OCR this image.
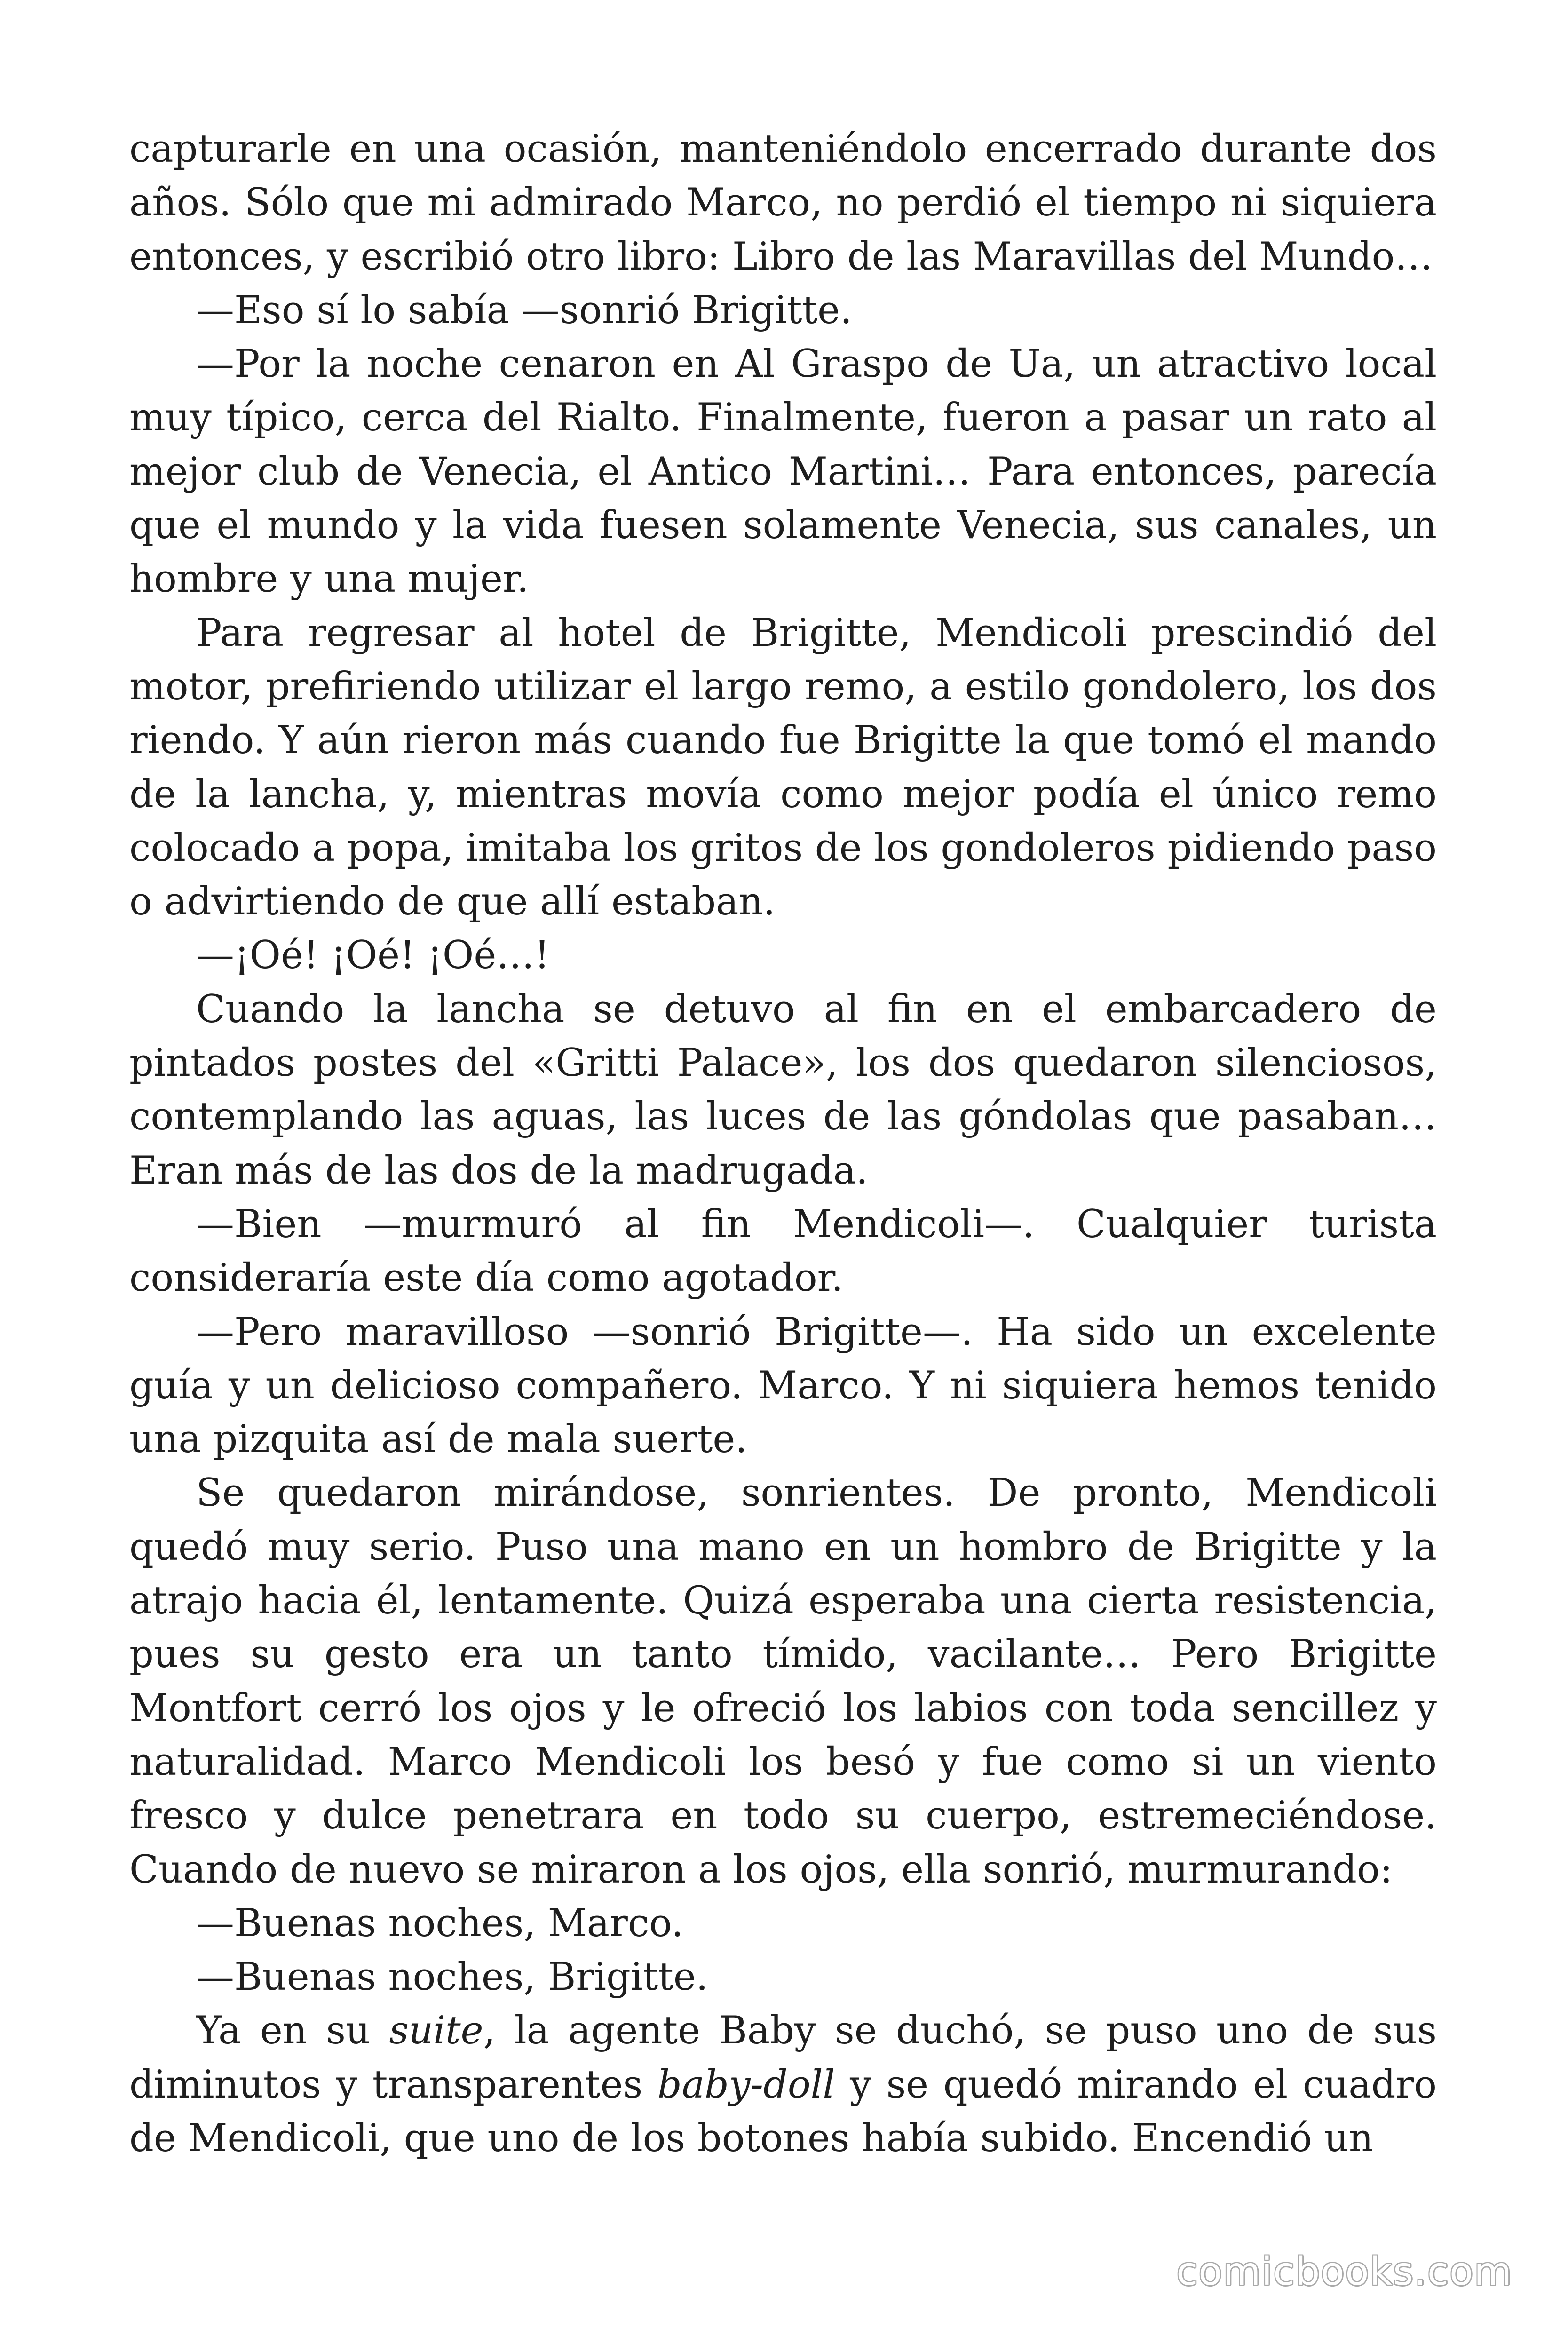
capturarle en una ocasión, manteniéndolo encerrado durante dos años. Sólo que mi admirado Marco, no perdió el tiempo ni siquiera entonces, y escribió otro libro: Libro de las Maravillas del Mundo…

—Eso sí lo sabía —sonrió Brigitte.

—Por la noche cenaron en Al Graspo de Ua, un atractivo local muy típico, cerca del Rialto. Finalmente, fueron a pasar un rato al mejor club de Venecia, el Antico Martini… Para entonces, parecía que el mundo y la vida fuesen solamente Venecia, sus canales, un hombre y una mujer.

Para regresar al hotel de Brigitte, Mendicoli prescindió del motor, prefiriendo utilizar el largo remo, a estilo gondolero, los dos riendo. Y aún rieron más cuando fue Brigitte la que tomó el mando de la lancha, y, mientras movía como mejor podía el único remo colocado a popa, imitaba los gritos de los gondoleros pidiendo paso o advirtiendo de que allí estaban.

—¡Oé! ¡Oé! ¡Oé…!

Cuando la lancha se detuvo al fin en el embarcadero de pintados postes del «Gritti Palace», los dos quedaron silenciosos, contemplando las aguas, las luces de las góndolas que pasaban… Eran más de las dos de la madrugada.

—Bien —murmuró al fin Mendicoli—. Cualquier turista consideraría este día como agotador.

—Pero maravilloso —sonrió Brigitte—. Ha sido un excelente guía y un delicioso compañero. Marco. Y ni siquiera hemos tenido una pizquita así de mala suerte.

Se quedaron mirándose, sonrientes. De pronto, Mendicoli quedó muy serio. Puso una mano en un hombro de Brigitte y la atrajo hacia él, lentamente. Quizá esperaba una cierta resistencia, pues su gesto era un tanto tímido, vacilante… Pero Brigitte Montfort cerró los ojos y le ofreció los labios con toda sencillez y naturalidad. Marco Mendicoli los besó y fue como si un viento fresco y dulce penetrara en todo su cuerpo, estremeciéndose. Cuando de nuevo se miraron a los ojos, ella sonrió, murmurando:

—Buenas noches, Marco.

—Buenas noches, Brigitte.

Ya en su suite, la agente Baby se duchó, se puso uno de sus diminutos y transparentes baby-doll y se quedó mirando el cuadro de Mendicoli, que uno de los botones había subido. Encendió un

comicbooks.com
